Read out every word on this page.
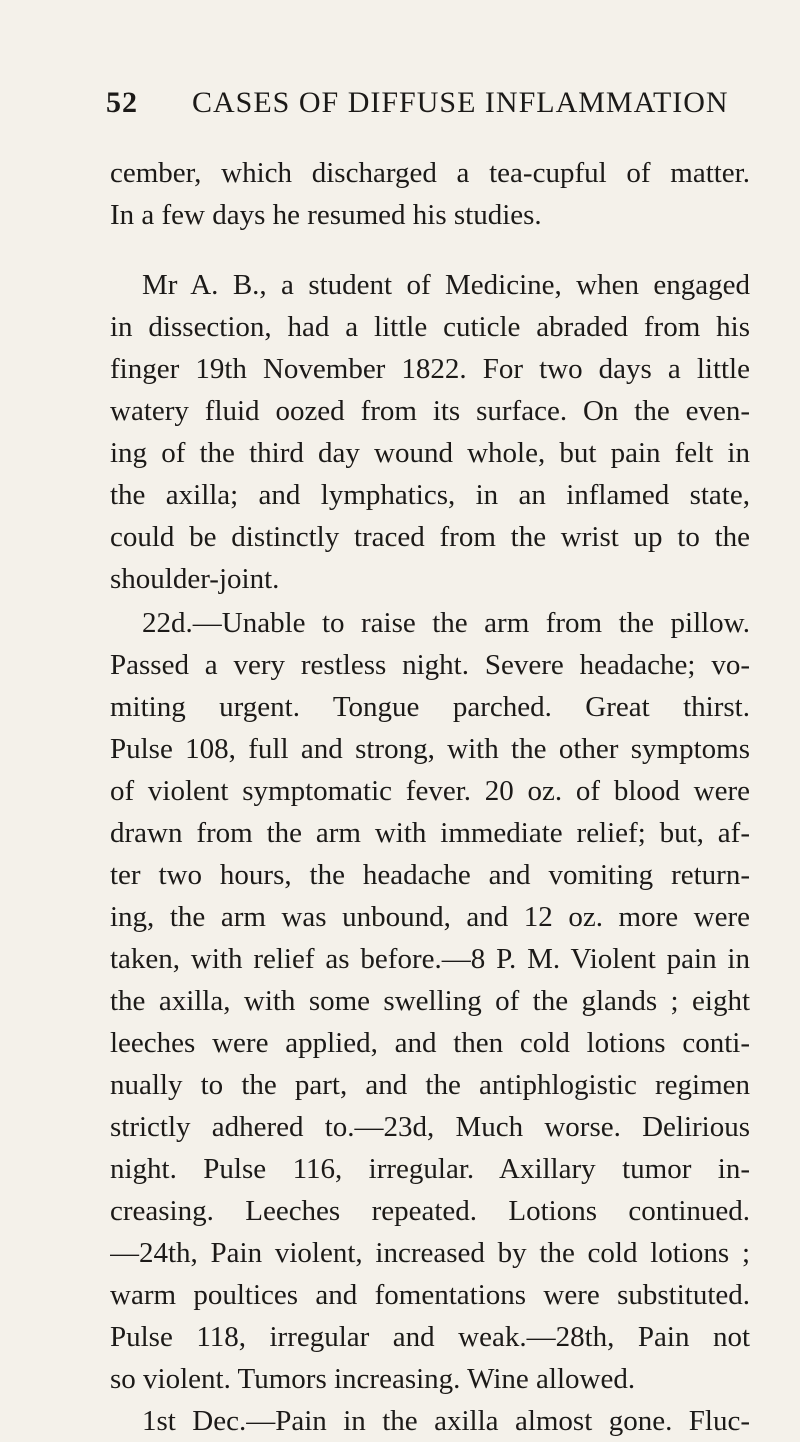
52 CASES OF DIFFUSE INFLAMMATION
cember, which discharged a tea-cupful of matter.
In a few days he resumed his studies.
Mr A. B., a student of Medicine, when engaged
in dissection, had a little cuticle abraded from his
finger 19th November 1822. For two days a little
watery fluid oozed from its surface. On the even-
ing of the third day wound whole, but pain felt in
the axilla; and lymphatics, in an inflamed state,
could be distinctly traced from the wrist up to the
shoulder-joint.
22d.—Unable to raise the arm from the pillow.
Passed a very restless night. Severe headache; vo-
miting urgent. Tongue parched. Great thirst.
Pulse 108, full and strong, with the other symptoms
of violent symptomatic fever. 20 oz. of blood were
drawn from the arm with immediate relief; but, af-
ter two hours, the headache and vomiting return-
ing, the arm was unbound, and 12 oz. more were
taken, with relief as before.—8 P. M. Violent pain in
the axilla, with some swelling of the glands ; eight
leeches were applied, and then cold lotions conti-
nually to the part, and the antiphlogistic regimen
strictly adhered to.—23d, Much worse. Delirious
night. Pulse 116, irregular. Axillary tumor in-
creasing. Leeches repeated. Lotions continued.
—24th, Pain violent, increased by the cold lotions ;
warm poultices and fomentations were substituted.
Pulse 118, irregular and weak.—28th, Pain not
so violent. Tumors increasing. Wine allowed.
1st Dec.—Pain in the axilla almost gone. Fluc-
